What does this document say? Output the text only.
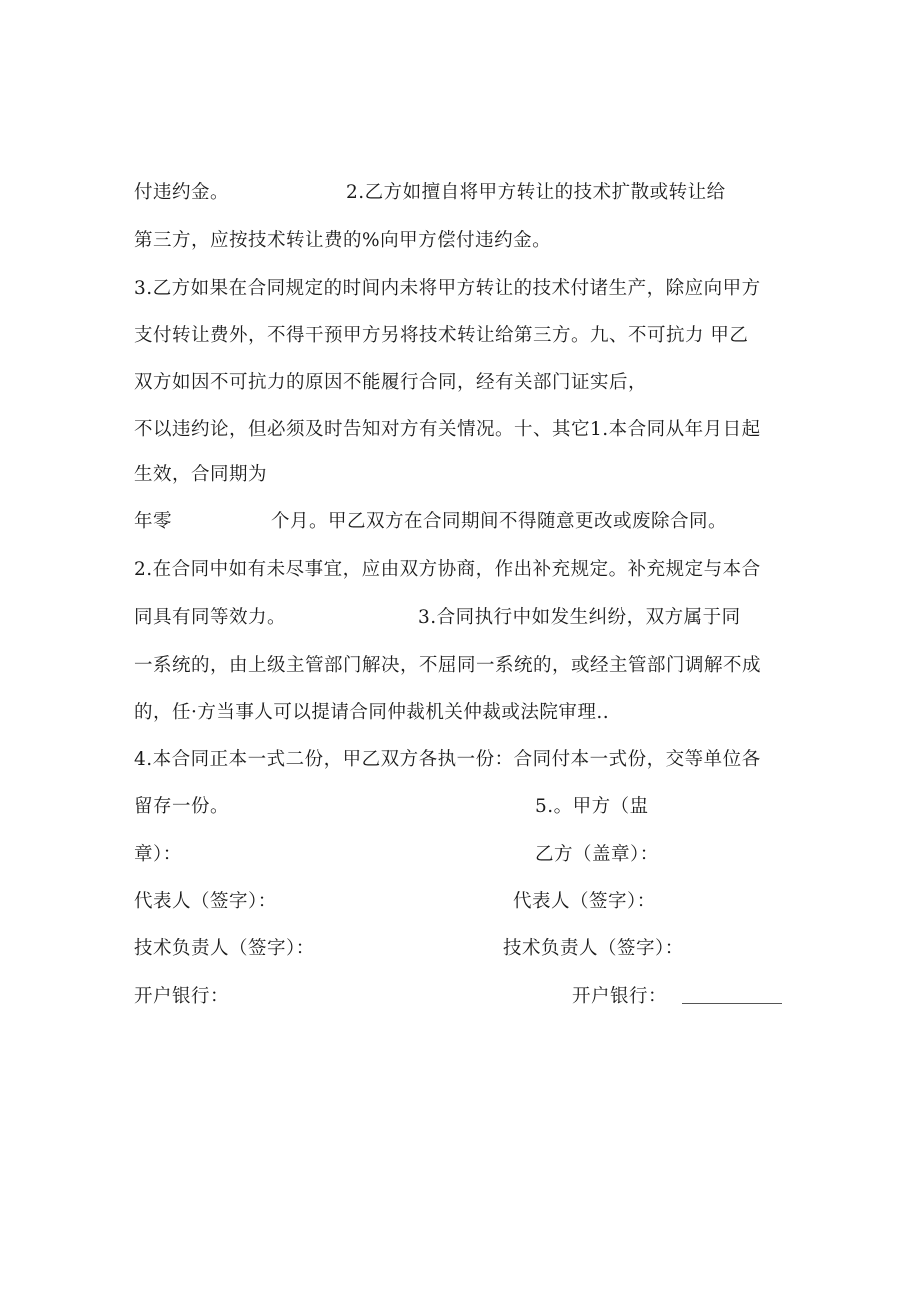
付违约金。	2.乙方如擅自将甲方转让的技术扩散或转让给
第三方，应按技术转让费的%向甲方偿付违约金。
3.乙方如果在合同规定的时间内未将甲方转让的技术付诸生产，除应向甲方
支付转让费外，不得干预甲方另将技术转让给第三方。九、不可抗力 甲乙
双方如因不可抗力的原因不能履行合同，经有关部门证实后，
不以违约论，但必须及时告知对方有关情况。十、其它1.本合同从年月日起
生效，合同期为
年零	个月。甲乙双方在合同期间不得随意更改或废除合同。
2.在合同中如有未尽事宜，应由双方协商，作出补充规定。补充规定与本合
同具有同等效力。	3.合同执行中如发生纠纷，双方属于同
一系统的，由上级主管部门解决，不屈同一系统的，或经主管部门调解不成
的，任·方当事人可以提请合同仲裁机关仲裁或法院审理..
4.本合同正本一式二份，甲乙双方各执一份：合同付本一式份，交等单位各
留存一份。	5.。甲方（盅
章）：	乙方（盖章）：
代表人（签字）：	代表人（签字）：
技术负责人（签字）：	技术负责人（签字）：
开户银行：	开户银行：
